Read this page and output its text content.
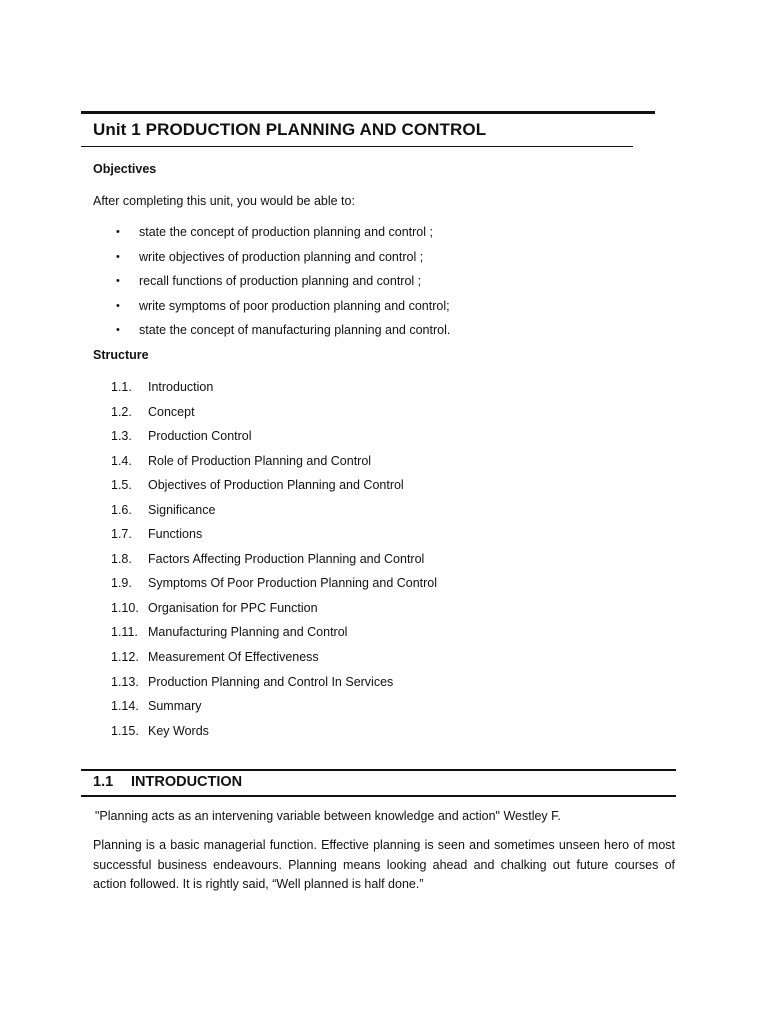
Unit 1 PRODUCTION PLANNING AND CONTROL
Objectives
After completing this unit, you would be able to:
• state the concept of production planning and control ;
• write objectives of production planning and control ;
• recall functions of production planning and control ;
• write symptoms of poor production planning and control;
• state the concept of manufacturing planning and control.
Structure
1.1. Introduction
1.2. Concept
1.3. Production Control
1.4. Role of Production Planning and Control
1.5. Objectives of Production Planning and Control
1.6. Significance
1.7. Functions
1.8. Factors Affecting Production Planning and Control
1.9. Symptoms Of Poor Production Planning and Control
1.10. Organisation for PPC Function
1.11. Manufacturing Planning and Control
1.12. Measurement Of Effectiveness
1.13. Production Planning and Control In Services
1.14. Summary
1.15. Key Words
1.1 INTRODUCTION
"Planning acts as an intervening variable between knowledge and action" Westley F.

Planning is a basic managerial function. Effective planning is seen and sometimes unseen hero of most successful business endeavours. Planning means looking ahead and chalking out future courses of action followed. It is rightly said, “Well planned is half done.”
